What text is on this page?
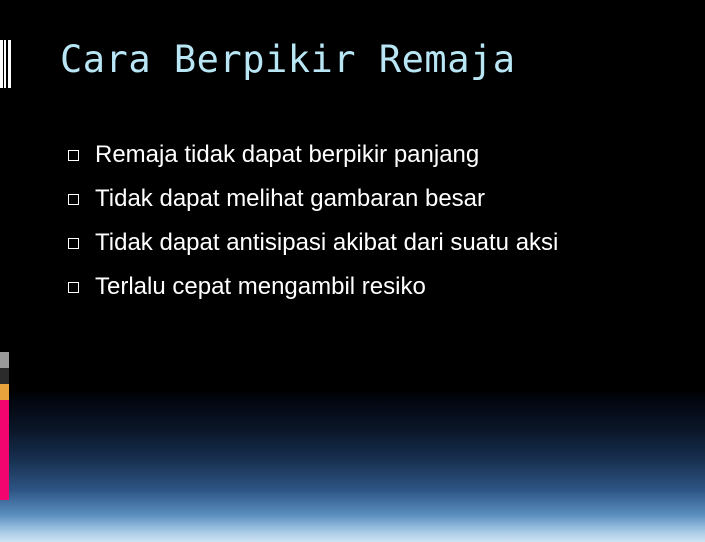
Cara Berpikir Remaja
Remaja tidak dapat berpikir panjang
Tidak dapat melihat gambaran besar
Tidak dapat antisipasi akibat dari suatu aksi
Terlalu cepat mengambil resiko
